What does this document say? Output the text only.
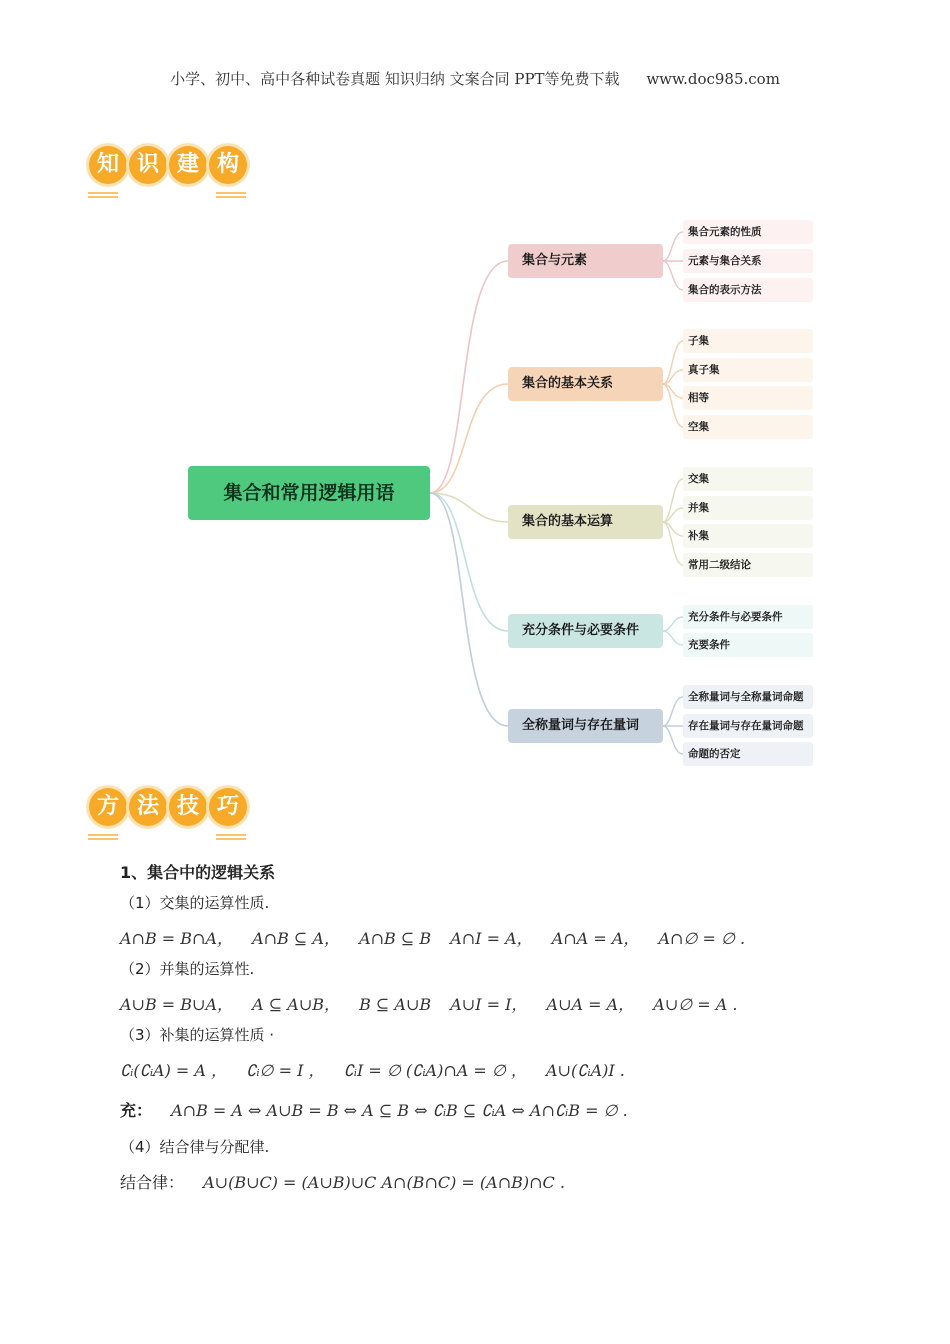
小学、初中、高中各种试卷真题 知识归纳 文案合同 PPT等免费下载 www.doc985.com
知 识 建 构
集合和常用逻辑用语
集合与元素
集合元素的性质
元素与集合关系
集合的表示方法
集合的基本关系
子集
真子集
相等
空集
集合的基本运算
交集
并集
补集
常用二级结论
充分条件与必要条件
充分条件与必要条件
充要条件
全称量词与存在量词
全称量词与全称量词命题
存在量词与存在量词命题
命题的否定
方 法 技 巧
1、集合中的逻辑关系
（1）交集的运算性质.
A∩B = B∩A， A∩B ⊆ A， A∩B ⊆ B A∩I = A， A∩A = A， A∩∅ = ∅ .
（2）并集的运算性.
A∪B = B∪A， A ⊆ A∪B， B ⊆ A∪B A∪I = I， A∪A = A， A∪∅ = A .
（3）补集的运算性质 ·
∁ᵢ(∁ᵢA) = A ， ∁ᵢ∅ = I ， ∁ᵢI = ∅ (∁ᵢA)∩A = ∅ ， A∪(∁ᵢA)I .
充： A∩B = A ⇔ A∪B = B ⇔ A ⊆ B ⇔ ∁ᵢB ⊆ ∁ᵢA ⇔ A∩∁ᵢB = ∅ .
（4）结合律与分配律.
结合律： A∪(B∪C) = (A∪B)∪C A∩(B∩C) = (A∩B)∩C .
